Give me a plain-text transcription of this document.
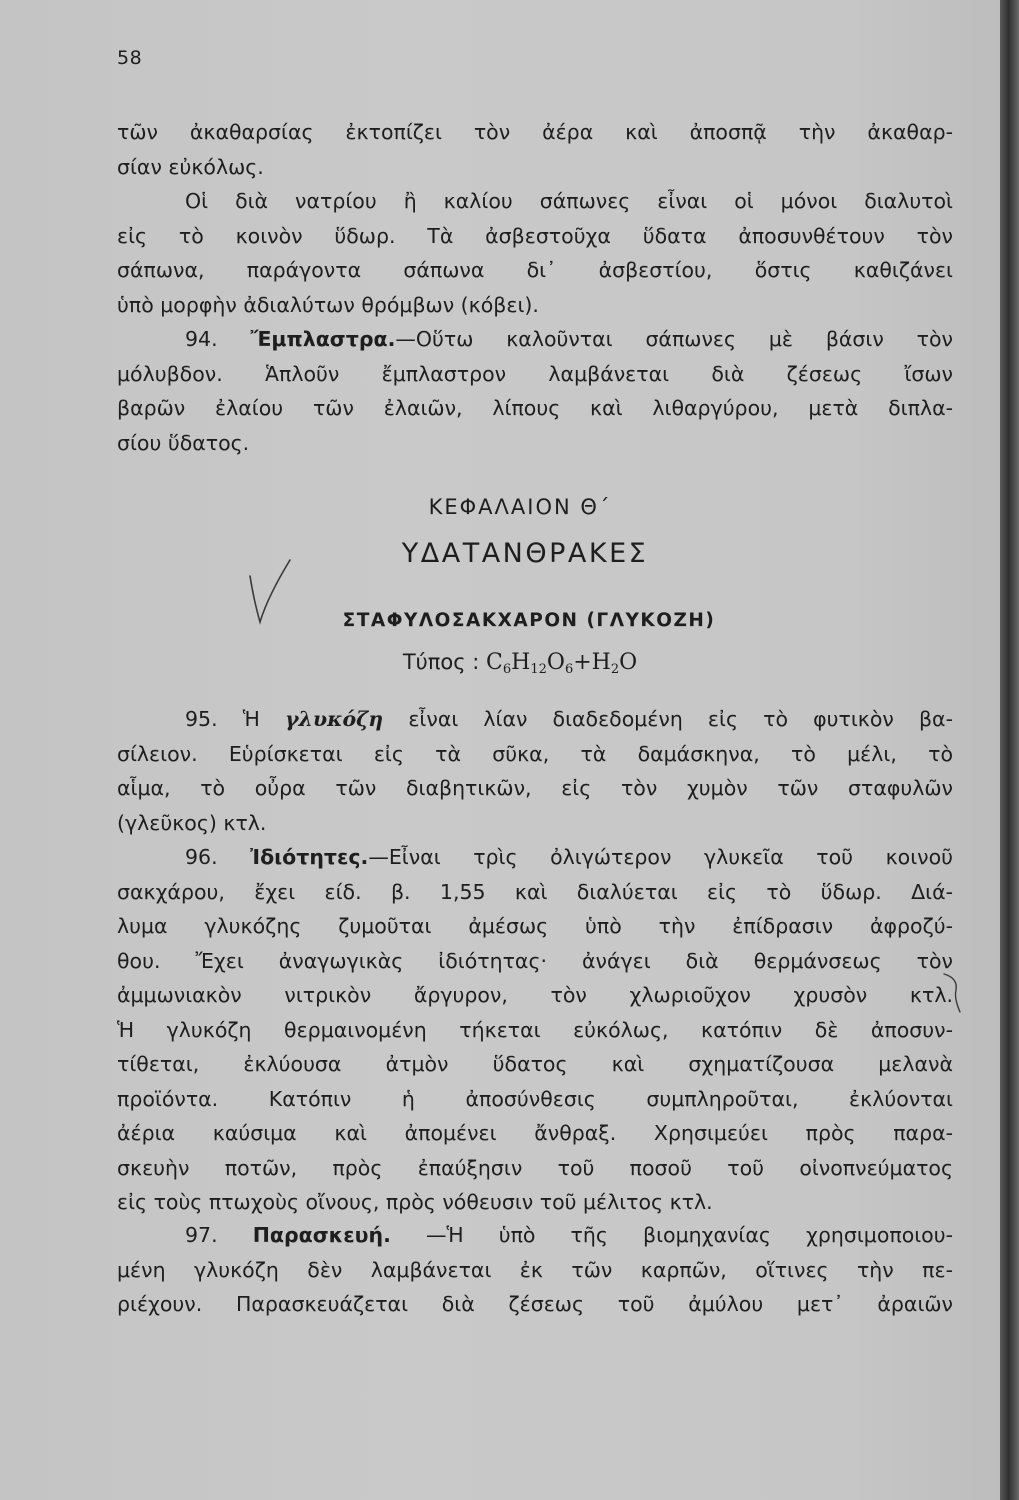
58
τῶν ἀκαθαρσίας ἐκτοπίζει τὸν ἀέρα καὶ ἀποσπᾷ τὴν ἀκαθαρ-
σίαν εὐκόλως.
Οἱ διὰ νατρίου ἢ καλίου σάπωνες εἶναι οἱ μόνοι διαλυτοὶ
εἰς τὸ κοινὸν ὕδωρ. Τὰ ἀσβεστοῦχα ὕδατα ἀποσυνθέτουν τὸν
σάπωνα, παράγοντα σάπωνα δι᾽ ἀσβεστίου, ὅστις καθιζάνει
ὑπὸ μορφὴν ἀδιαλύτων θρόμβων (κόβει).
94. Ἔμπλαστρα.—Οὕτω καλοῦνται σάπωνες μὲ βάσιν τὸν
μόλυβδον. Ἁπλοῦν ἔμπλαστρον λαμβάνεται διὰ ζέσεως ἴσων
βαρῶν ἐλαίου τῶν ἐλαιῶν, λίπους καὶ λιθαργύρου, μετὰ διπλα-
σίου ὕδατος.
ΚΕΦΑΛΑΙΟΝ Θ΄
ΥΔΑΤΑΝΘΡΑΚΕΣ
ΣΤΑΦΥΛΟΣΑΚΧΑΡΟΝ (ΓΛΥΚΟΖΗ)
Τύπος : $C_6H_{12}O_6+H_2O$
95. Ἡ γλυκόζη εἶναι λίαν διαδεδομένη εἰς τὸ φυτικὸν βα-
σίλειον. Εὑρίσκεται εἰς τὰ σῦκα, τὰ δαμάσκηνα, τὸ μέλι, τὸ
αἷμα, τὸ οὖρα τῶν διαβητικῶν, εἰς τὸν χυμὸν τῶν σταφυλῶν
(γλεῦκος) κτλ.
96. Ἰδιότητες.—Εἶναι τρὶς ὀλιγώτερον γλυκεῖα τοῦ κοινοῦ
σακχάρου, ἔχει είδ. β. 1,55 καὶ διαλύεται εἰς τὸ ὕδωρ. Διά-
λυμα γλυκόζης ζυμοῦται ἀμέσως ὑπὸ τὴν ἐπίδρασιν ἀφροζύ-
θου. Ἔχει ἀναγωγικὰς ἰδιότητας· ἀνάγει διὰ θερμάνσεως τὸν
ἀμμωνιακὸν νιτρικὸν ἄργυρον, τὸν χλωριοῦχον χρυσὸν κτλ.
Ἡ γλυκόζη θερμαινομένη τήκεται εὐκόλως, κατόπιν δὲ ἀποσυν-
τίθεται, ἐκλύουσα ἀτμὸν ὕδατος καὶ σχηματίζουσα μελανὰ
προϊόντα. Κατόπιν ἡ ἀποσύνθεσις συμπληροῦται, ἐκλύονται
ἀέρια καύσιμα καὶ ἀπομένει ἄνθραξ. Χρησιμεύει πρὸς παρα-
σκευὴν ποτῶν, πρὸς ἐπαύξησιν τοῦ ποσοῦ τοῦ οἰνοπνεύματος
εἰς τοὺς πτωχοὺς οἴνους, πρὸς νόθευσιν τοῦ μέλιτος κτλ.
97. Παρασκευή. —Ἡ ὑπὸ τῆς βιομηχανίας χρησιμοποιου-
μένη γλυκόζη δὲν λαμβάνεται ἐκ τῶν καρπῶν, οἵτινες τὴν πε-
ριέχουν. Παρασκευάζεται διὰ ζέσεως τοῦ ἀμύλου μετ᾽ ἀραιῶν
